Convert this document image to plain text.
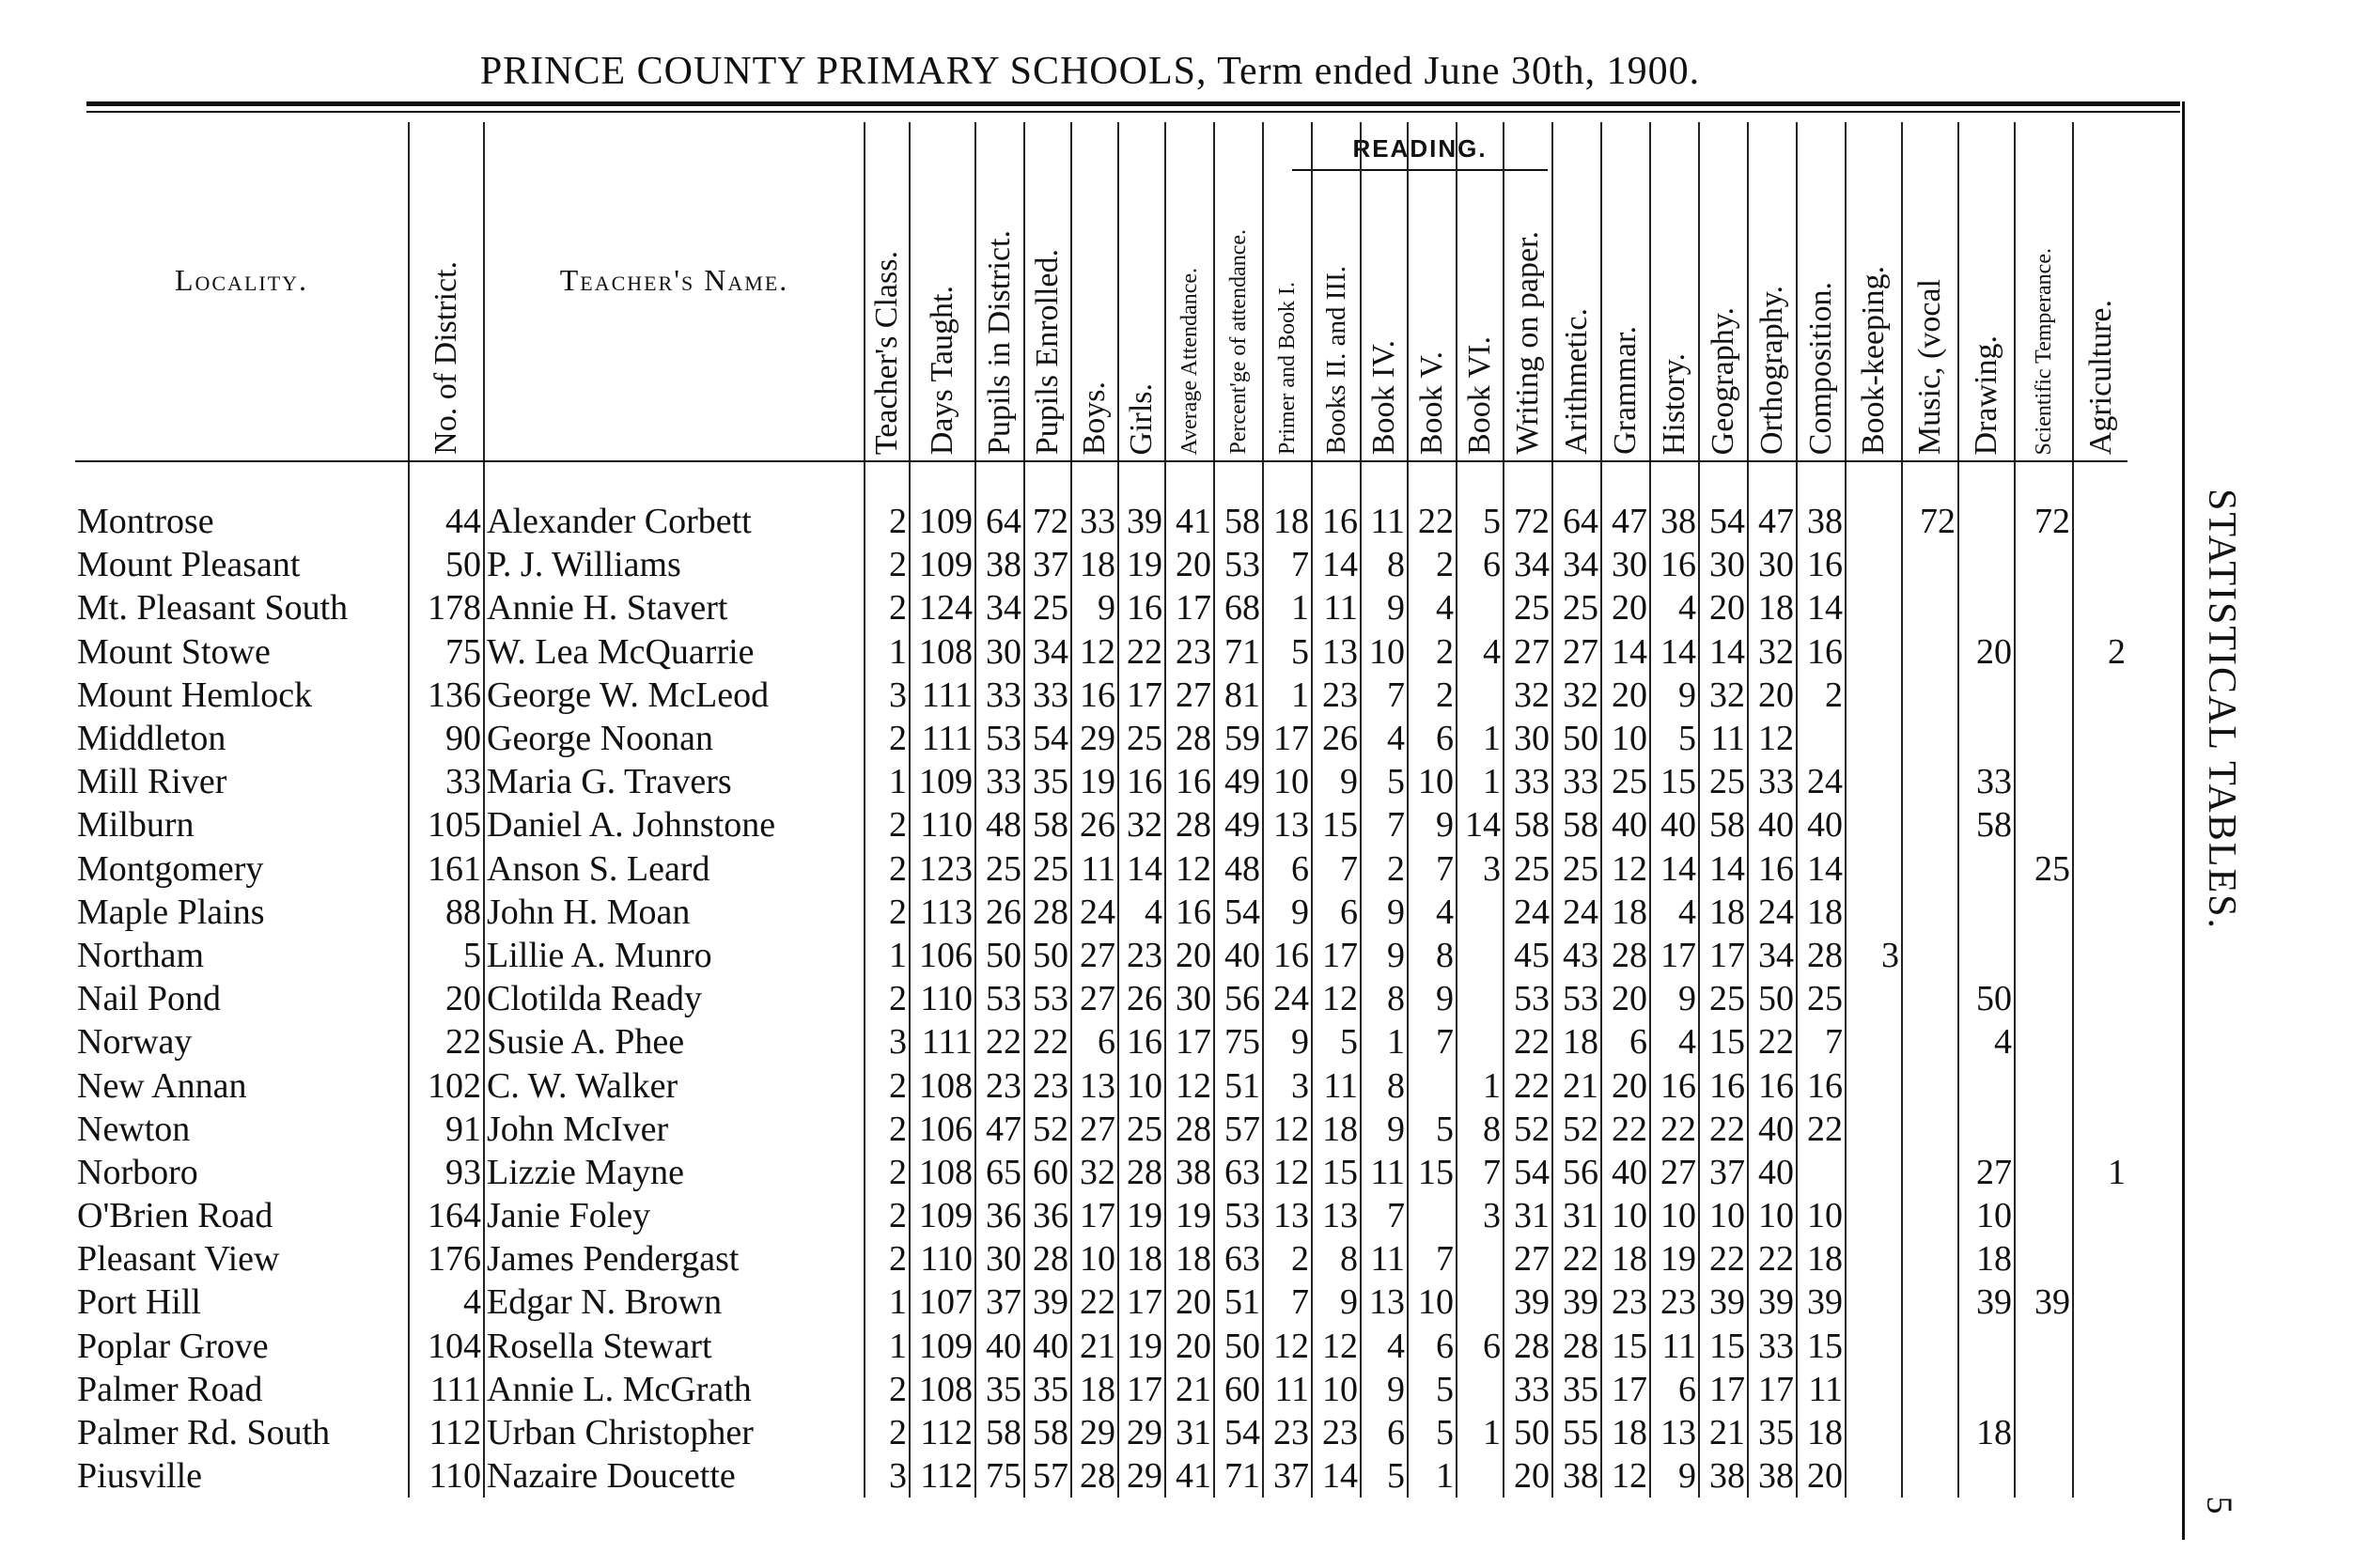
PRINCE COUNTY PRIMARY SCHOOLS, Term ended June 30th, 1900.
READING.
Locality.	No. of District.	Teacher's Name.	Teacher's Class.	Days Taught.	Pupils in District.	Pupils Enrolled.	Boys.	Girls.	Average Attendance.	Percent'ge of attendance.	Primer and Book I.	Books II. and III.	Book IV.	Book V.	Book VI.	Writing on paper.	Arithmetic.	Grammar.	History.	Geography.	Orthography.	Composition.	Book-keeping.	Music, (vocal	Drawing.	Scientific Temperance.	Agriculture.

Montrose	44	Alexander Corbett	2	109	64	72	33	39	41	58	18	16	11	22	5	72	64	47	38	54	47	38		72		72	
Mount Pleasant	50	P. J. Williams	2	109	38	37	18	19	20	53	7	14	8	2	6	34	34	30	16	30	30	16					
Mt. Pleasant South	178	Annie H. Stavert	2	124	34	25	9	16	17	68	1	11	9	4		25	25	20	4	20	18	14					
Mount Stowe	75	W. Lea McQuarrie	1	108	30	34	12	22	23	71	5	13	10	2	4	27	27	14	14	14	32	16			20		2
Mount Hemlock	136	George W. McLeod	3	111	33	33	16	17	27	81	1	23	7	2		32	32	20	9	32	20	2					
Middleton	90	George Noonan	2	111	53	54	29	25	28	59	17	26	4	6	1	30	50	10	5	11	12						
Mill River	33	Maria G. Travers	1	109	33	35	19	16	16	49	10	9	5	10	1	33	33	25	15	25	33	24			33		
Milburn	105	Daniel A. Johnstone	2	110	48	58	26	32	28	49	13	15	7	9	14	58	58	40	40	58	40	40			58		
Montgomery	161	Anson S. Leard	2	123	25	25	11	14	12	48	6	7	2	7	3	25	25	12	14	14	16	14				25	
Maple Plains	88	John H. Moan	2	113	26	28	24	4	16	54	9	6	9	4		24	24	18	4	18	24	18					
Northam	5	Lillie A. Munro	1	106	50	50	27	23	20	40	16	17	9	8		45	43	28	17	17	34	28	3				
Nail Pond	20	Clotilda Ready	2	110	53	53	27	26	30	56	24	12	8	9		53	53	20	9	25	50	25			50		
Norway	22	Susie A. Phee	3	111	22	22	6	16	17	75	9	5	1	7		22	18	6	4	15	22	7			4		
New Annan	102	C. W. Walker	2	108	23	23	13	10	12	51	3	11	8		1	22	21	20	16	16	16	16					
Newton	91	John McIver	2	106	47	52	27	25	28	57	12	18	9	5	8	52	52	22	22	22	40	22					
Norboro	93	Lizzie Mayne	2	108	65	60	32	28	38	63	12	15	11	15	7	54	56	40	27	37	40				27		1
O'Brien Road	164	Janie Foley	2	109	36	36	17	19	19	53	13	13	7		3	31	31	10	10	10	10	10			10		
Pleasant View	176	James Pendergast	2	110	30	28	10	18	18	63	2	8	11	7		27	22	18	19	22	22	18			18		
Port Hill	4	Edgar N. Brown	1	107	37	39	22	17	20	51	7	9	13	10		39	39	23	23	39	39	39			39	39	
Poplar Grove	104	Rosella Stewart	1	109	40	40	21	19	20	50	12	12	4	6	6	28	28	15	11	15	33	15					
Palmer Road	111	Annie L. McGrath	2	108	35	35	18	17	21	60	11	10	9	5		33	35	17	6	17	17	11					
Palmer Rd. South	112	Urban Christopher	2	112	58	58	29	29	31	54	23	23	6	5	1	50	55	18	13	21	35	18			18		
Piusville	110	Nazaire Doucette	3	112	75	57	28	29	41	71	37	14	5	1		20	38	12	9	38	38	20					
STATISTICAL TABLES.
5
